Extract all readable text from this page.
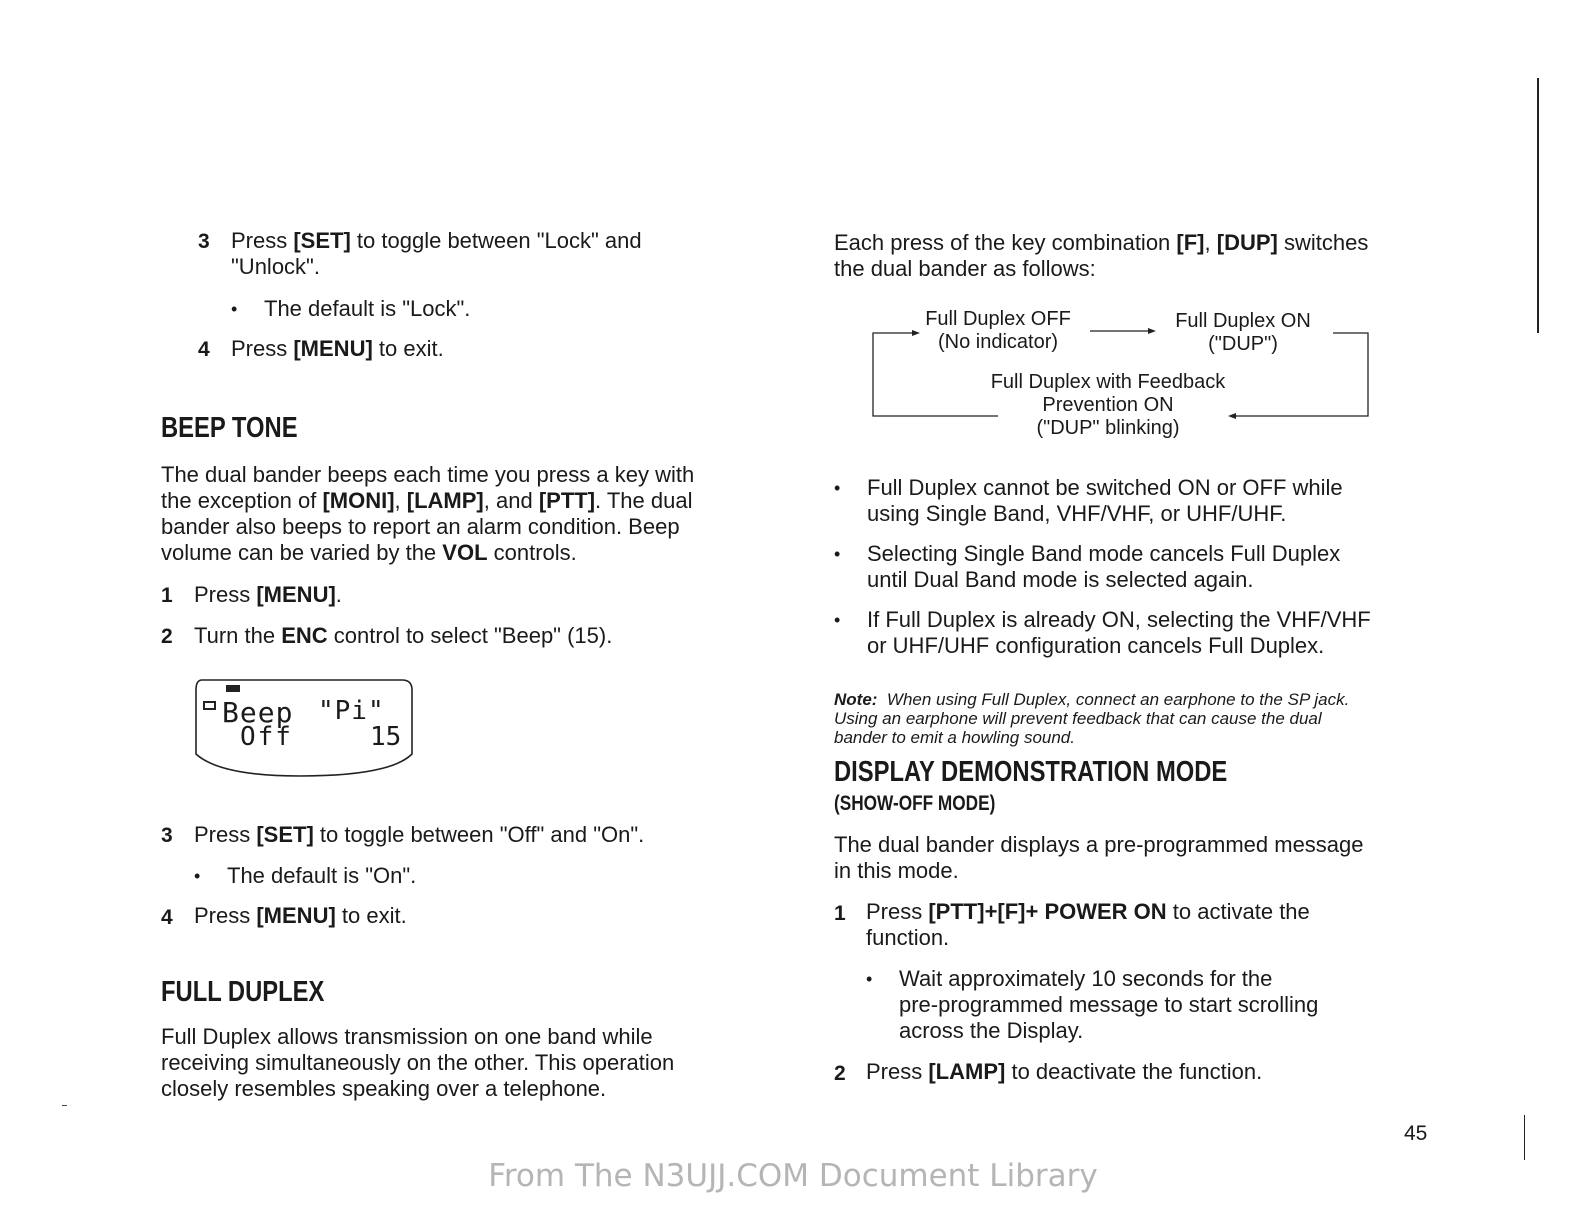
3 Press [SET] to toggle between "Lock" and
"Unlock".

• The default is "Lock".

4 Press [MENU] to exit.

BEEP TONE

The dual bander beeps each time you press a key with
the exception of [MONI], [LAMP], and [PTT]. The dual
bander also beeps to report an alarm condition. Beep
volume can be varied by the VOL controls.

1 Press [MENU].

2 Turn the ENC control to select "Beep" (15).

Beep "Pi"
Off	15
3 Press [SET] to toggle between "Off" and "On".

• The default is "On".

4 Press [MENU] to exit.

FULL DUPLEX

Full Duplex allows transmission on one band while
receiving simultaneously on the other. This operation
closely resembles speaking over a telephone.

Each press of the key combination [F], [DUP] switches
the dual bander as follows:

Full Duplex OFF
(No indicator)
Full Duplex ON
("DUP")
Full Duplex with Feedback
Prevention ON
("DUP" blinking)
• Full Duplex cannot be switched ON or OFF while
using Single Band, VHF/VHF, or UHF/UHF.

• Selecting Single Band mode cancels Full Duplex
until Dual Band mode is selected again.

• If Full Duplex is already ON, selecting the VHF/VHF
or UHF/UHF configuration cancels Full Duplex.

Note: When using Full Duplex, connect an earphone to the SP jack.
Using an earphone will prevent feedback that can cause the dual
bander to emit a howling sound.

DISPLAY DEMONSTRATION MODE
(SHOW-OFF MODE)

The dual bander displays a pre-programmed message
in this mode.

1 Press [PTT]+[F]+ POWER ON to activate the
function.

• Wait approximately 10 seconds for the
pre-programmed message to start scrolling
across the Display.

2 Press [LAMP] to deactivate the function.

45
From The N3UJJ.COM Document Library
